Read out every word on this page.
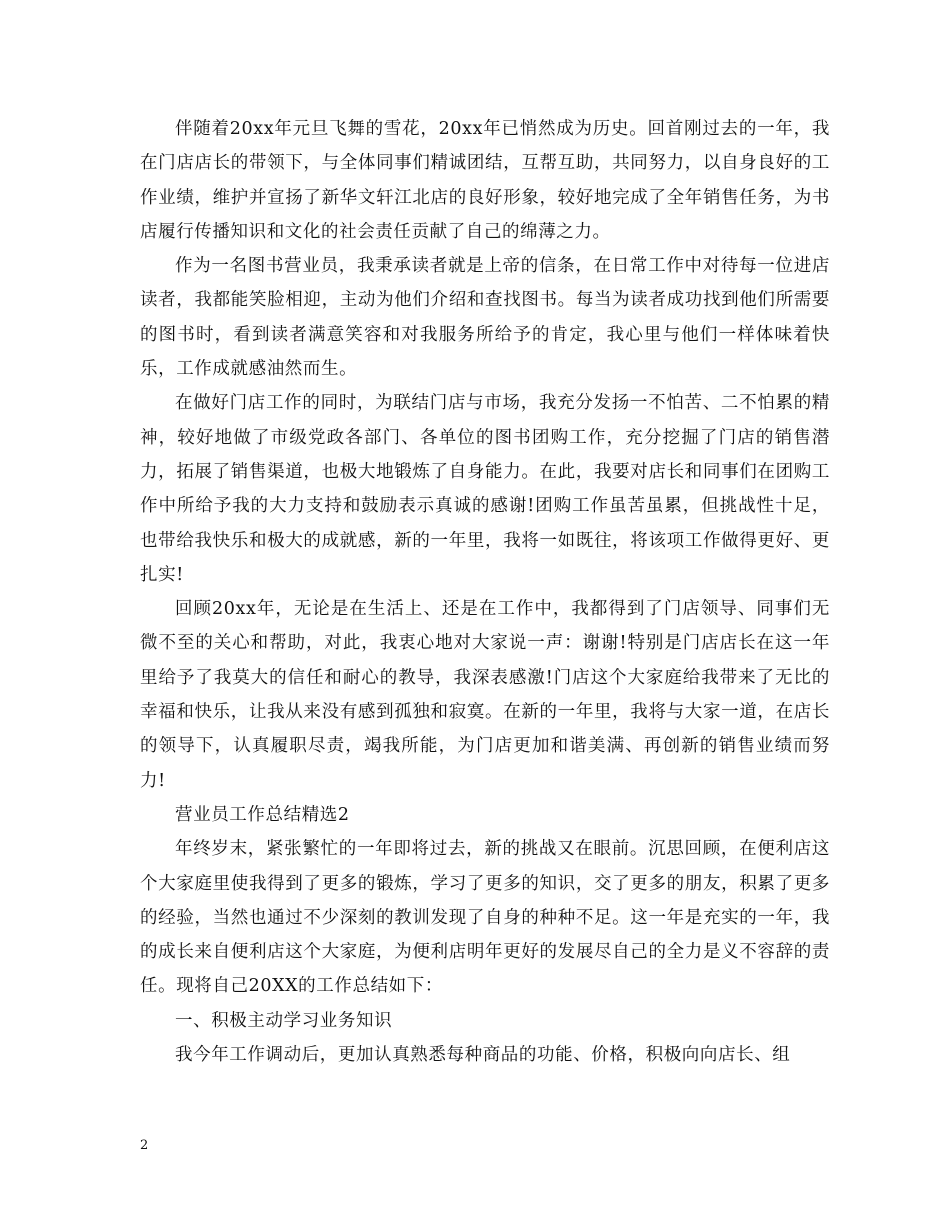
伴随着20xx年元旦飞舞的雪花，20xx年已悄然成为历史。回首刚过去的一年，我在门店店长的带领下，与全体同事们精诚团结，互帮互助，共同努力，以自身良好的工作业绩，维护并宣扬了新华文轩江北店的良好形象，较好地完成了全年销售任务，为书店履行传播知识和文化的社会责任贡献了自己的绵薄之力。

作为一名图书营业员，我秉承读者就是上帝的信条，在日常工作中对待每一位进店读者，我都能笑脸相迎，主动为他们介绍和查找图书。每当为读者成功找到他们所需要的图书时，看到读者满意笑容和对我服务所给予的肯定，我心里与他们一样体味着快乐，工作成就感油然而生。

在做好门店工作的同时，为联结门店与市场，我充分发扬一不怕苦、二不怕累的精神，较好地做了市级党政各部门、各单位的图书团购工作，充分挖掘了门店的销售潜力，拓展了销售渠道，也极大地锻炼了自身能力。在此，我要对店长和同事们在团购工作中所给予我的大力支持和鼓励表示真诚的感谢!团购工作虽苦虽累，但挑战性十足，也带给我快乐和极大的成就感，新的一年里，我将一如既往，将该项工作做得更好、更扎实!

回顾20xx年，无论是在生活上、还是在工作中，我都得到了门店领导、同事们无微不至的关心和帮助，对此，我衷心地对大家说一声：谢谢!特别是门店店长在这一年里给予了我莫大的信任和耐心的教导，我深表感激!门店这个大家庭给我带来了无比的幸福和快乐，让我从来没有感到孤独和寂寞。在新的一年里，我将与大家一道，在店长的领导下，认真履职尽责，竭我所能，为门店更加和谐美满、再创新的销售业绩而努力!

营业员工作总结精选2

年终岁末，紧张繁忙的一年即将过去，新的挑战又在眼前。沉思回顾，在便利店这个大家庭里使我得到了更多的锻炼，学习了更多的知识，交了更多的朋友，积累了更多的经验，当然也通过不少深刻的教训发现了自身的种种不足。这一年是充实的一年，我的成长来自便利店这个大家庭，为便利店明年更好的发展尽自己的全力是义不容辞的责任。现将自己20XX的工作总结如下：

一、积极主动学习业务知识

我今年工作调动后，更加认真熟悉每种商品的功能、价格，积极向向店长、组

2
